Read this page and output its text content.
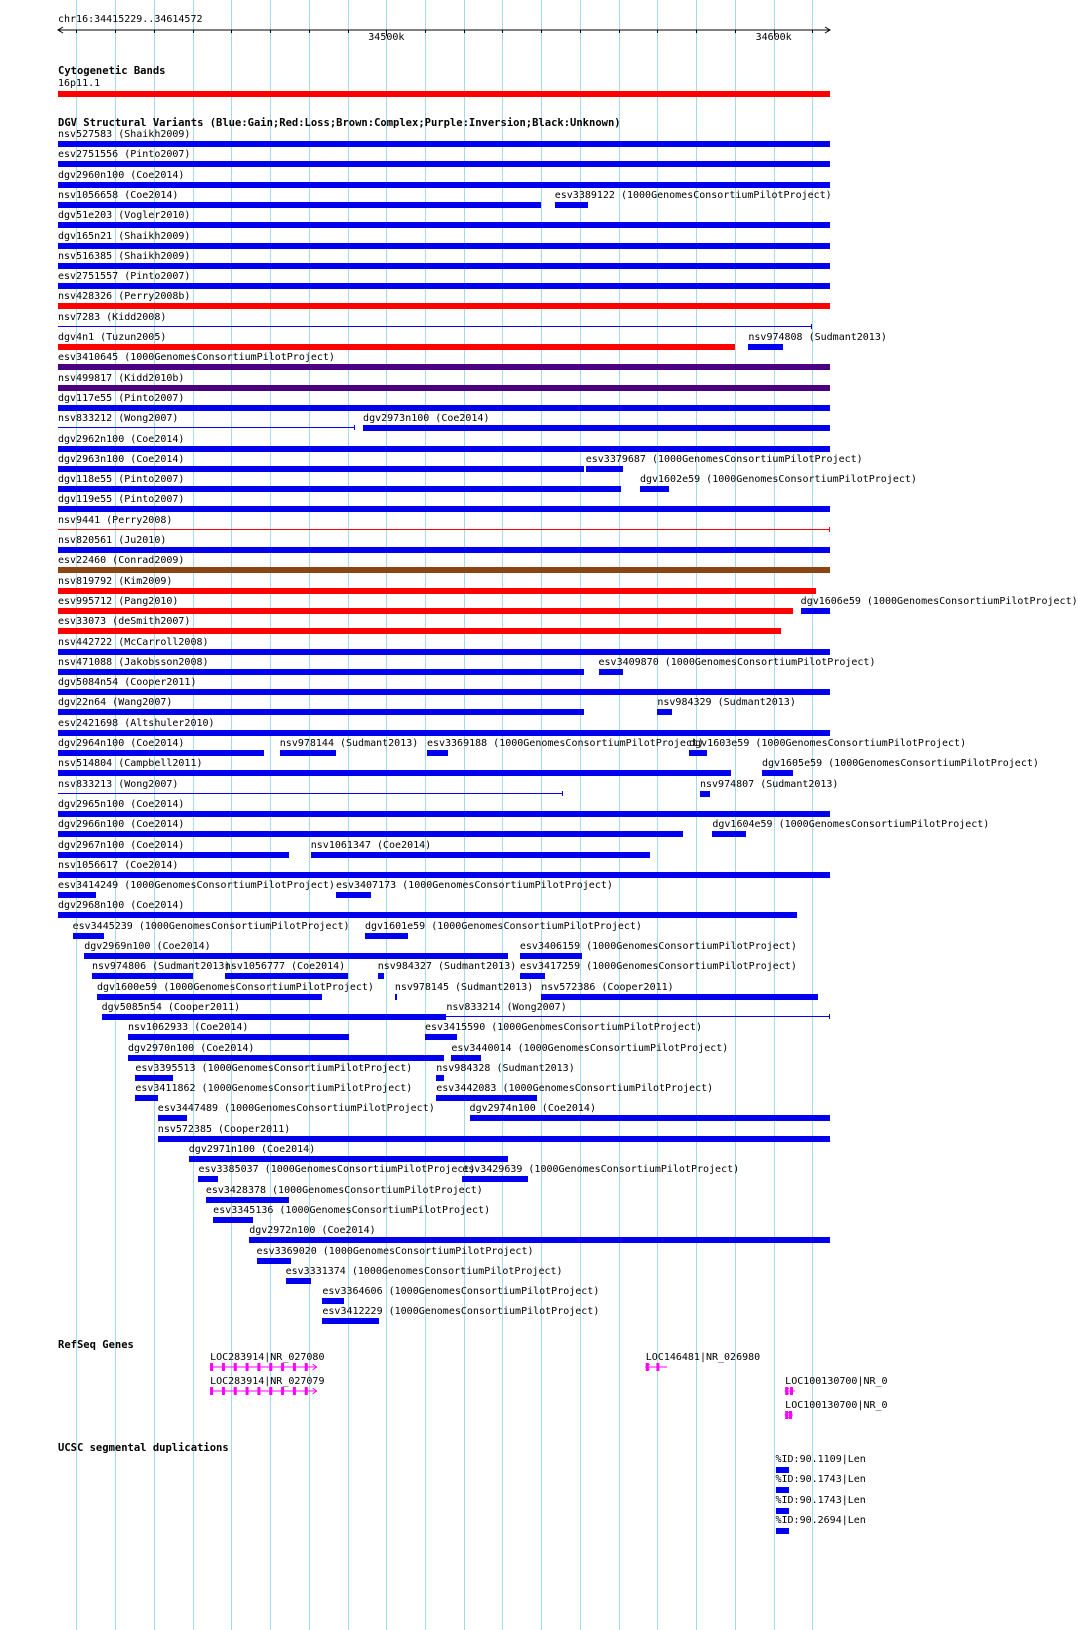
chr16:34415229..34614572
34500k	34600k
Cytogenetic Bands
16p11.1
DGV Structural Variants (Blue:Gain;Red:Loss;Brown:Complex;Purple:Inversion;Black:Unknown)
nsv527583 (Shaikh2009)
esv2751556 (Pinto2007)
dgv2960n100 (Coe2014)
nsv1056658 (Coe2014)	esv3389122 (1000GenomesConsortiumPilotProject)
dgv51e203 (Vogler2010)
dgv165n21 (Shaikh2009)
nsv516385 (Shaikh2009)
esv2751557 (Pinto2007)
nsv428326 (Perry2008b)
nsv7283 (Kidd2008)
dgv4n1 (Tuzun2005)	nsv974808 (Sudmant2013)
esv3410645 (1000GenomesConsortiumPilotProject)
nsv499817 (Kidd2010b)
dgv117e55 (Pinto2007)
nsv833212 (Wong2007)	dgv2973n100 (Coe2014)
dgv2962n100 (Coe2014)
dgv2963n100 (Coe2014)	esv3379687 (1000GenomesConsortiumPilotProject)
dgv118e55 (Pinto2007)	dgv1602e59 (1000GenomesConsortiumPilotProject)
dgv119e55 (Pinto2007)
nsv9441 (Perry2008)
nsv820561 (Ju2010)
esv22460 (Conrad2009)
nsv819792 (Kim2009)
esv995712 (Pang2010)	dgv1606e59 (1000GenomesConsortiumPilotProject)
esv33073 (deSmith2007)
nsv442722 (McCarroll2008)
nsv471088 (Jakobsson2008)	esv3409870 (1000GenomesConsortiumPilotProject)
dgv5084n54 (Cooper2011)
dgv22n64 (Wang2007)	nsv984329 (Sudmant2013)
esv2421698 (Altshuler2010)
dgv2964n100 (Coe2014)	nsv978144 (Sudmant2013) esv3369188 (1000GenomesConsortiumPilotProject)
dgv1603e59 (1000GenomesConsortiumPilotProject)
nsv514804 (Campbell2011)	dgv1605e59 (1000GenomesConsortiumPilotProject)
nsv833213 (Wong2007)	nsv974807 (Sudmant2013)
dgv2965n100 (Coe2014)
dgv2966n100 (Coe2014)	dgv1604e59 (1000GenomesConsortiumPilotProject)
dgv2967n100 (Coe2014)	nsv1061347 (Coe2014)
nsv1056617 (Coe2014)
esv3414249 (1000GenomesConsortiumPilotProject) esv3407173 (1000GenomesConsortiumPilotProject)
dgv2968n100 (Coe2014)
esv3445239 (1000GenomesConsortiumPilotProject) dgv1601e59 (1000GenomesConsortiumPilotProject)
dgv2969n100 (Coe2014)	esv3406159 (1000GenomesConsortiumPilotProject)
nsv974806 (Sudmant2013)
nsv1056777 (Coe2014)	nsv984327 (Sudmant2013) esv3417259 (1000GenomesConsortiumPilotProject)
dgv1600e59 (1000GenomesConsortiumPilotProject) nsv978145 (Sudmant2013) nsv572386 (Cooper2011)
dgv5085n54 (Cooper2011)	nsv833214 (Wong2007)
nsv1062933 (Coe2014)	esv3415590 (1000GenomesConsortiumPilotProject)
dgv2970n100 (Coe2014)	esv3440014 (1000GenomesConsortiumPilotProject)
esv3395513 (1000GenomesConsortiumPilotProject) nsv984328 (Sudmant2013)
esv3411862 (1000GenomesConsortiumPilotProject) esv3442083 (1000GenomesConsortiumPilotProject)
esv3447489 (1000GenomesConsortiumPilotProject)	dgv2974n100 (Coe2014)
nsv572385 (Cooper2011)
dgv2971n100 (Coe2014)
esv3385037 (1000GenomesConsortiumPilotProject)
esv3429639 (1000GenomesConsortiumPilotProject)
esv3428378 (1000GenomesConsortiumPilotProject)
esv3345136 (1000GenomesConsortiumPilotProject)
dgv2972n100 (Coe2014)
esv3369020 (1000GenomesConsortiumPilotProject)
esv3331374 (1000GenomesConsortiumPilotProject)
esv3364606 (1000GenomesConsortiumPilotProject)
esv3412229 (1000GenomesConsortiumPilotProject)
LOC283914|NR_027080
LOC283914|NR_027079
LOC146481|NR_026980
LOC100130700|NR_0
LOC100130700|NR_0
%ID:90.1109|Len
%ID:90.1743|Len
%ID:90.1743|Len
%ID:90.2694|Len
RefSeq Genes
UCSC segmental duplications
